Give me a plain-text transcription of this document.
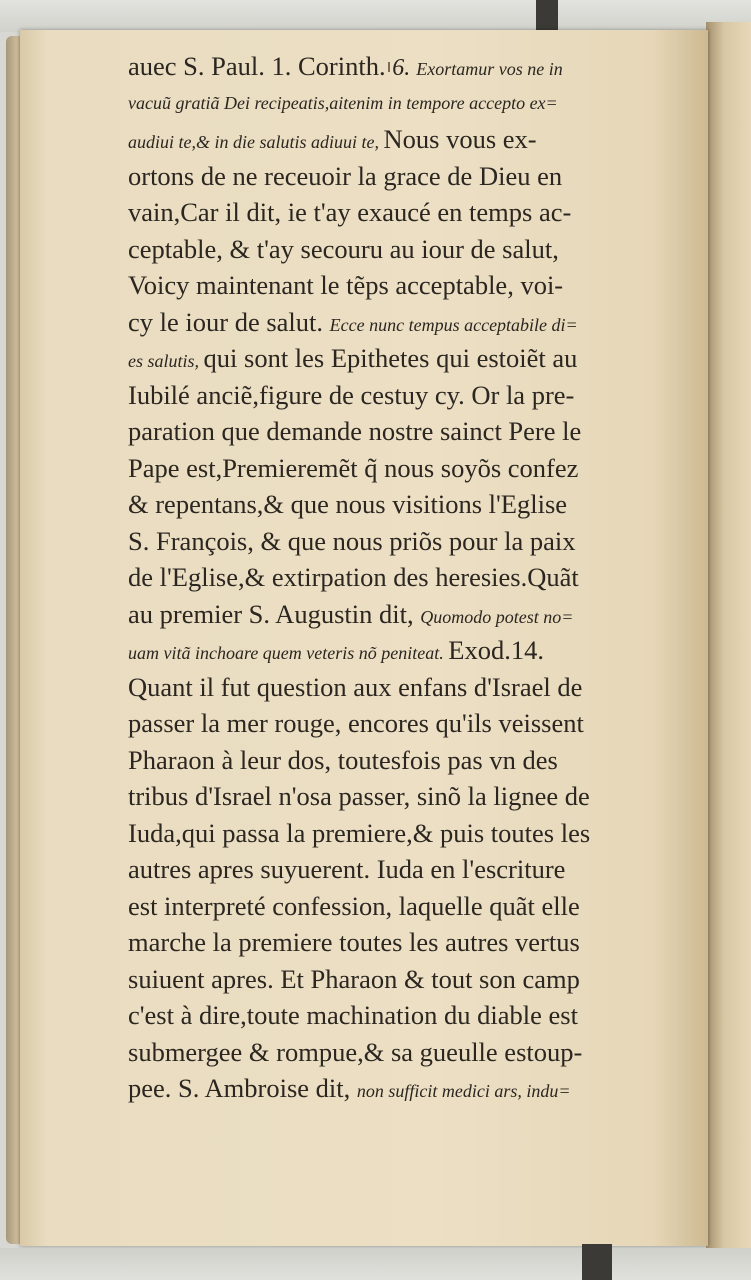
auec S. Paul. 1. Corinth. 6. Exortamur vos ne in
vacuũ gratiã Dei recipeatis,aitenim in tempore accepto ex=
audiui te,& in die salutis adiuui te, Nous vous ex-
ortons de ne receuoir la grace de Dieu en
vain,Car il dit, ie t'ay exaucé en temps ac-
ceptable, & t'ay secouru au iour de salut,
Voicy maintenant le tẽps acceptable, voi-
cy le iour de salut. Ecce nunc tempus acceptabile di=
es salutis, qui sont les Epithetes qui estoiẽt au
Iubilé anciẽ,figure de cestuy cy. Or la pre-
paration que demande nostre sainct Pere le
Pape est,Premieremẽt q̃ nous soyõs confez
& repentans,& que nous visitions l'Eglise
S. François, & que nous priõs pour la paix
de l'Eglise,& extirpation des heresies.Quãt
au premier S. Augustin dit, Quomodo potest no=
uam vitã inchoare quem veteris nõ peniteat. Exod.14.
Quant il fut question aux enfans d'Israel de
passer la mer rouge, encores qu'ils veissent
Pharaon à leur dos, toutesfois pas vn des
tribus d'Israel n'osa passer, sinõ la lignee de
Iuda,qui passa la premiere,& puis toutes les
autres apres suyuerent. Iuda en l'escriture
est interpreté confession, laquelle quãt elle
marche la premiere toutes les autres vertus
suiuent apres. Et Pharaon & tout son camp
c'est à dire,toute machination du diable est
submergee & rompue,& sa gueulle estoup-
pee. S. Ambroise dit, non sufficit medici ars, indu=
